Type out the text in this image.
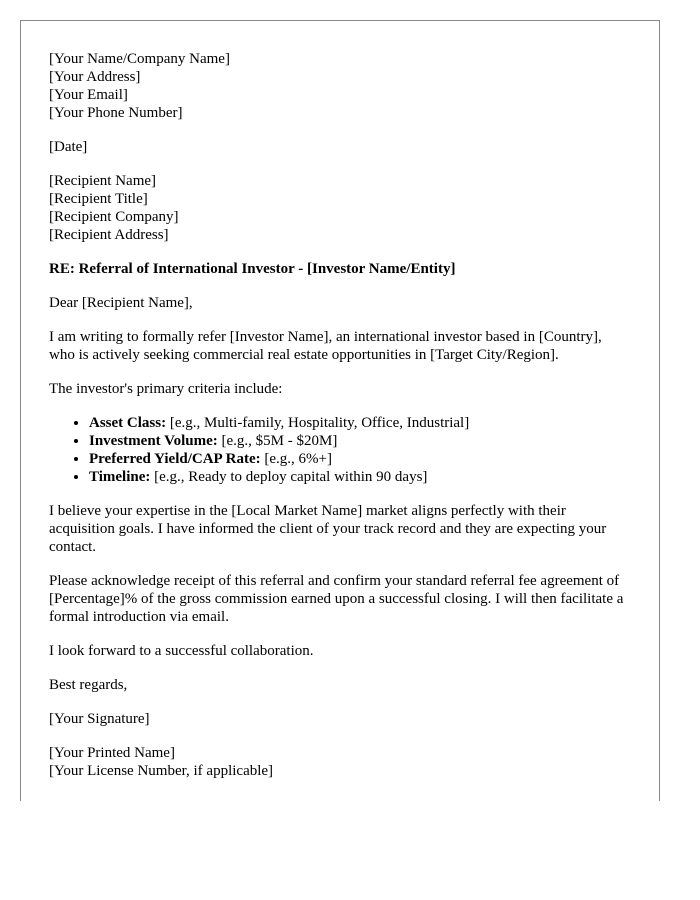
[Your Name/Company Name]
[Your Address]
[Your Email]
[Your Phone Number]
[Date]
[Recipient Name]
[Recipient Title]
[Recipient Company]
[Recipient Address]
RE: Referral of International Investor - [Investor Name/Entity]

Dear [Recipient Name],

I am writing to formally refer [Investor Name], an international investor based in [Country], who is actively seeking commercial real estate opportunities in [Target City/Region].

The investor's primary criteria include:

• Asset Class: [e.g., Multi-family, Hospitality, Office, Industrial]
• Investment Volume: [e.g., $5M - $20M]
• Preferred Yield/CAP Rate: [e.g., 6%+]
• Timeline: [e.g., Ready to deploy capital within 90 days]

I believe your expertise in the [Local Market Name] market aligns perfectly with their acquisition goals. I have informed the client of your track record and they are expecting your contact.

Please acknowledge receipt of this referral and confirm your standard referral fee agreement of [Percentage]% of the gross commission earned upon a successful closing. I will then facilitate a formal introduction via email.

I look forward to a successful collaboration.

Best regards,

[Your Signature]

[Your Printed Name]
[Your License Number, if applicable]
